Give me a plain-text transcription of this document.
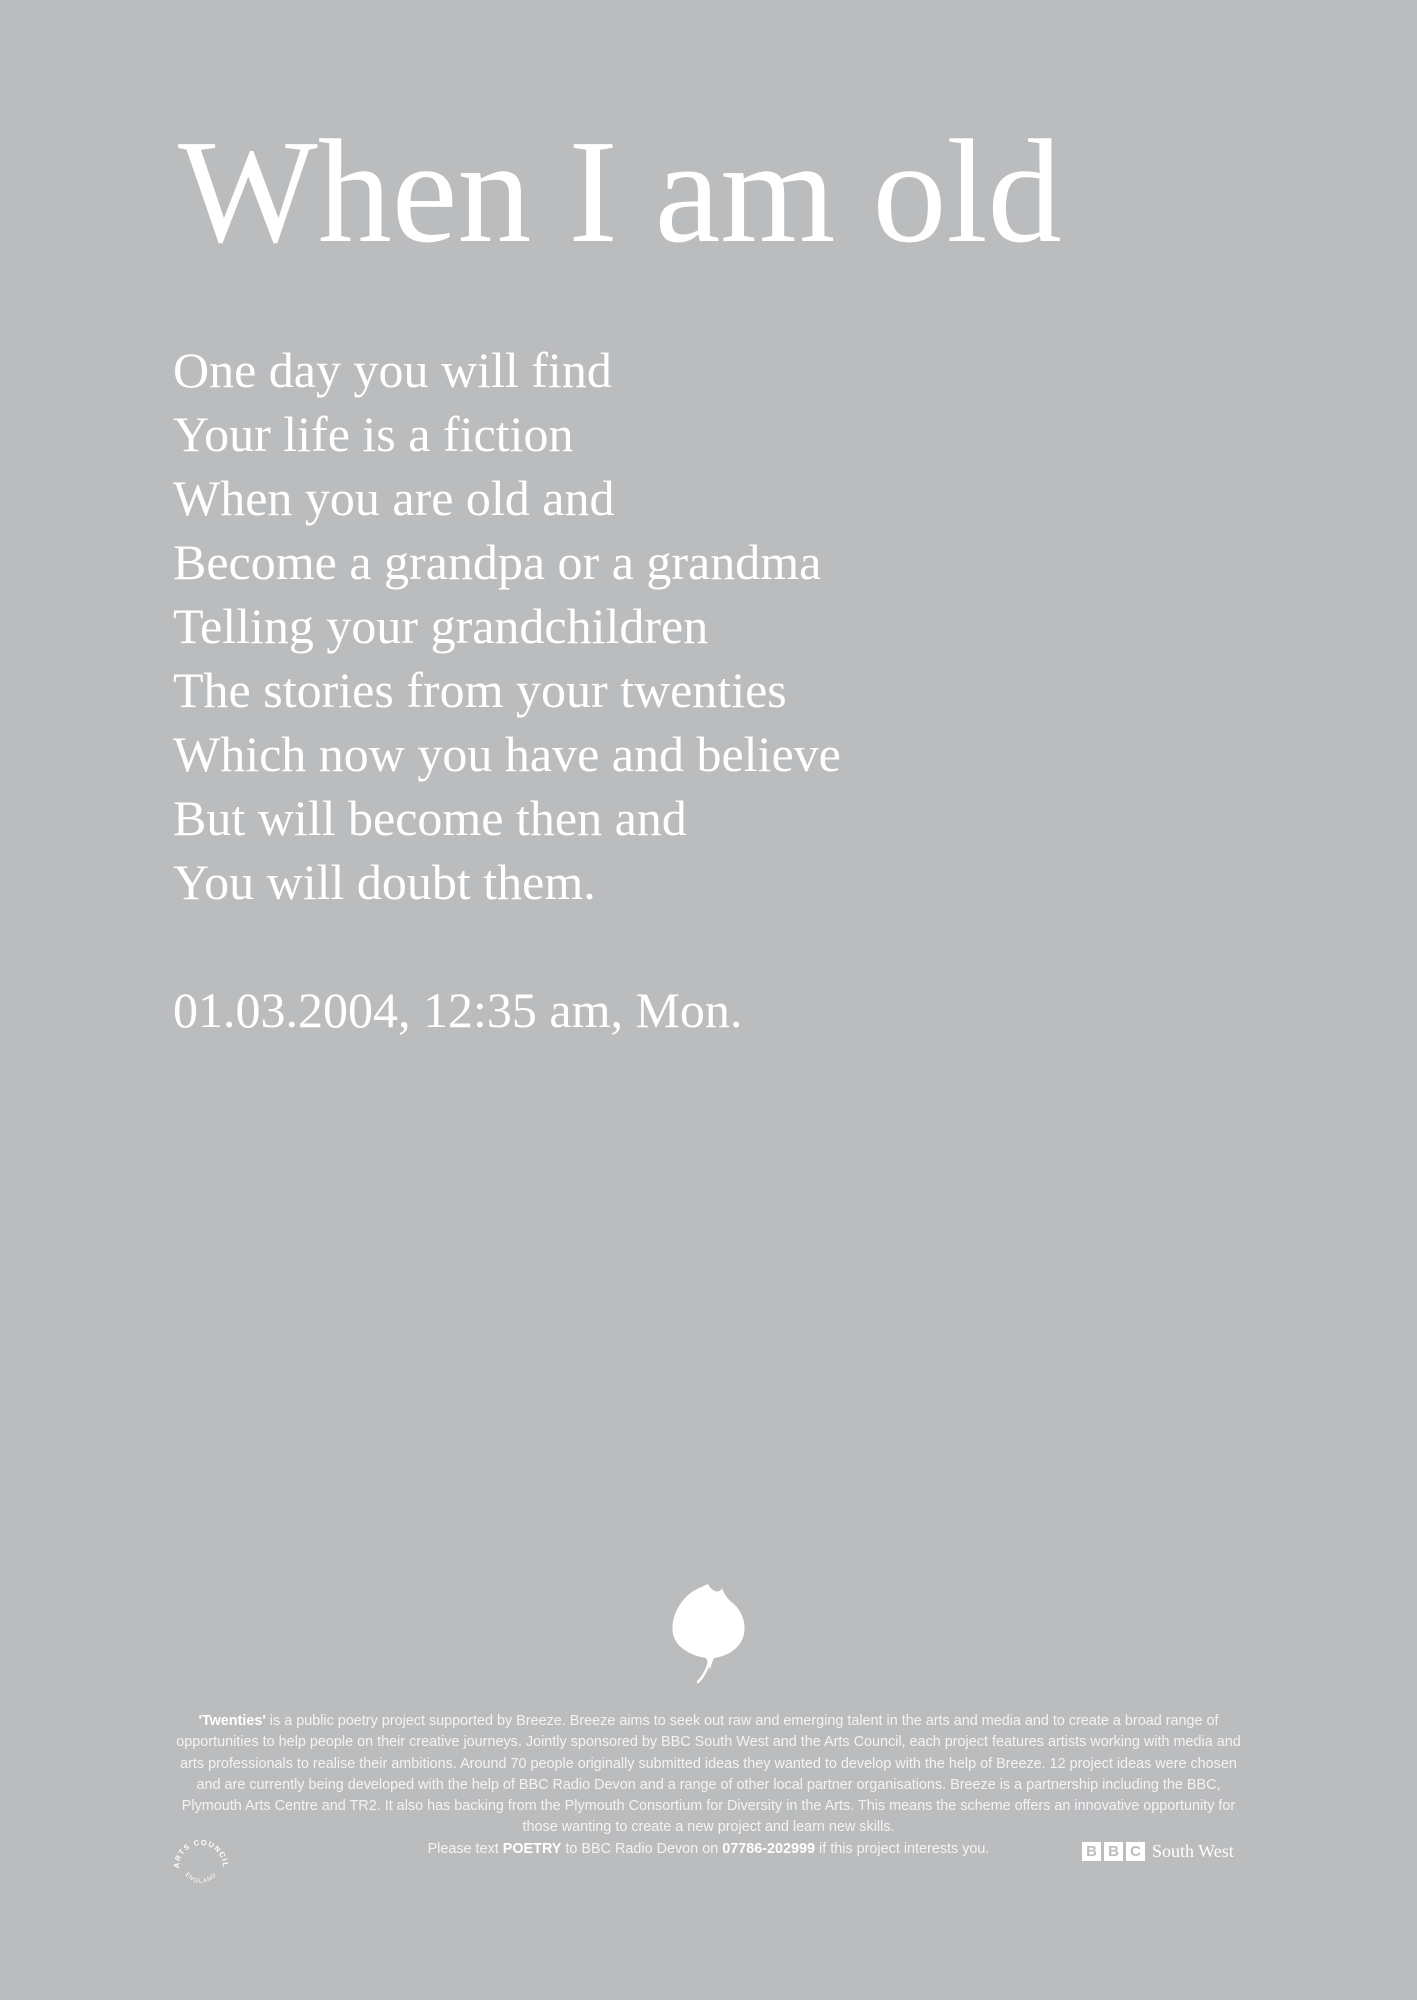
When I am old
One day you will find
Your life is a fiction
When you are old and
Become a grandpa or a grandma
Telling your grandchildren
The stories from your twenties
Which now you have and believe
But will become then and
You will doubt them.
01.03.2004, 12:35 am, Mon.
'Twenties' is a public poetry project supported by Breeze. Breeze aims to seek out raw and emerging talent in the arts and media and to create a broad range of opportunities to help people on their creative journeys. Jointly sponsored by BBC South West and the Arts Council, each project features artists working with media and arts professionals to realise their ambitions. Around 70 people originally submitted ideas they wanted to develop with the help of Breeze. 12 project ideas were chosen and are currently being developed with the help of BBC Radio Devon and a range of other local partner organisations. Breeze is a partnership including the BBC, Plymouth Arts Centre and TR2. It also has backing from the Plymouth Consortium for Diversity in the Arts. This means the scheme offers an innovative opportunity for those wanting to create a new project and learn new skills.
Please text POETRY to BBC Radio Devon on 07786-202999 if this project interests you.
ARTS COUNCIL
ENGLAND
B B C South West
